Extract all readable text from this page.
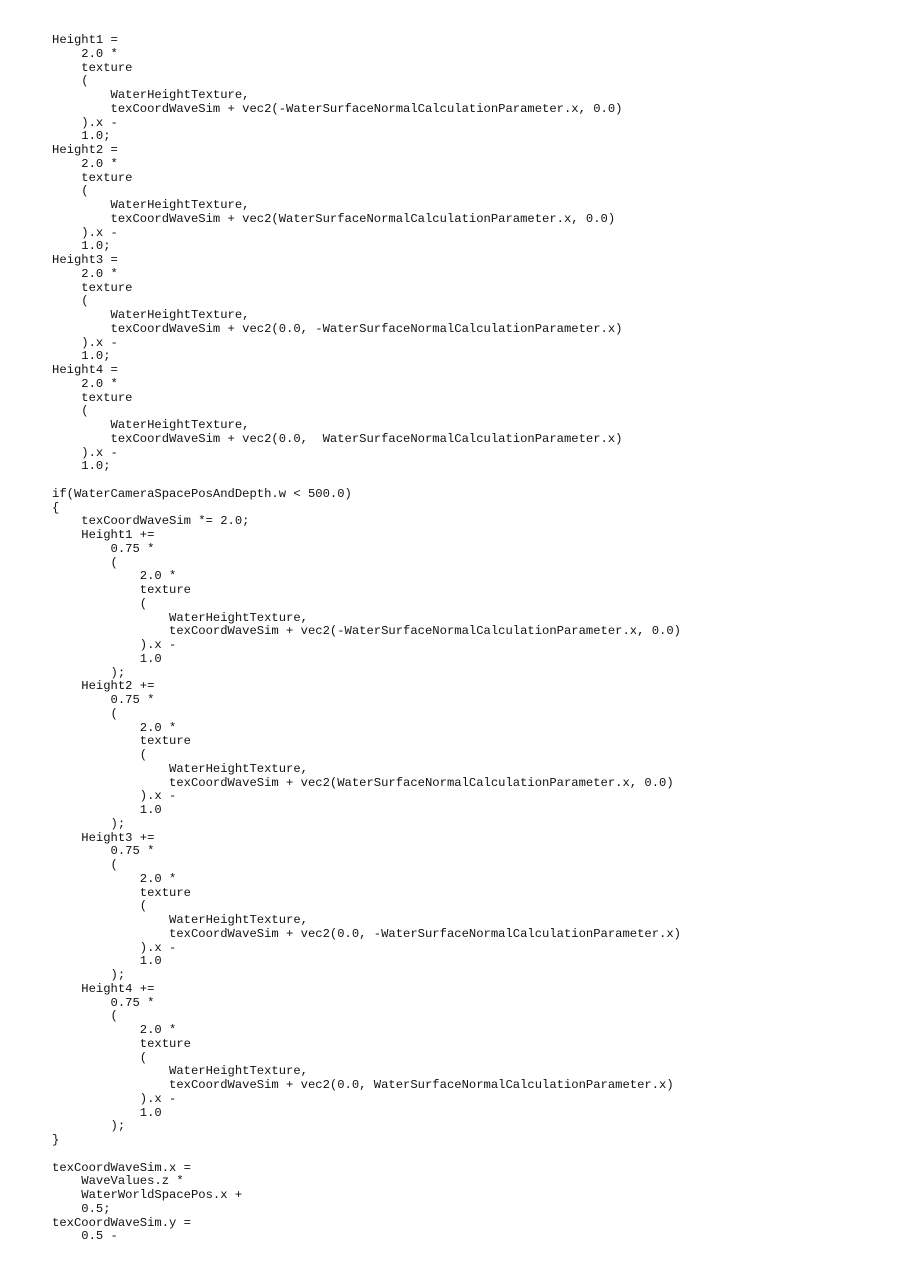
Height1 =
2.0 *
texture
(
WaterHeightTexture,
texCoordWaveSim + vec2(-WaterSurfaceNormalCalculationParameter.x, 0.0)
).x -
1.0;
Height2 =
2.0 *
texture
(
WaterHeightTexture,
texCoordWaveSim + vec2(WaterSurfaceNormalCalculationParameter.x, 0.0)
).x -
1.0;
Height3 =
2.0 *
texture
(
WaterHeightTexture,
texCoordWaveSim + vec2(0.0, -WaterSurfaceNormalCalculationParameter.x)
).x -
1.0;
Height4 =
2.0 *
texture
(
WaterHeightTexture,
texCoordWaveSim + vec2(0.0,  WaterSurfaceNormalCalculationParameter.x)
).x -
1.0;
if(WaterCameraSpacePosAndDepth.w < 500.0)
{
texCoordWaveSim *= 2.0;
Height1 +=
0.75 *
(
2.0 *
texture
(
WaterHeightTexture,
texCoordWaveSim + vec2(-WaterSurfaceNormalCalculationParameter.x, 0.0)
).x -
1.0
);
Height2 +=
0.75 *
(
2.0 *
texture
(
WaterHeightTexture,
texCoordWaveSim + vec2(WaterSurfaceNormalCalculationParameter.x, 0.0)
).x -
1.0
);
Height3 +=
0.75 *
(
2.0 *
texture
(
WaterHeightTexture,
texCoordWaveSim + vec2(0.0, -WaterSurfaceNormalCalculationParameter.x)
).x -
1.0
);
Height4 +=
0.75 *
(
2.0 *
texture
(
WaterHeightTexture,
texCoordWaveSim + vec2(0.0, WaterSurfaceNormalCalculationParameter.x)
).x -
1.0
);
}
texCoordWaveSim.x =
WaveValues.z *
WaterWorldSpacePos.x +
0.5;
texCoordWaveSim.y =
0.5 -
